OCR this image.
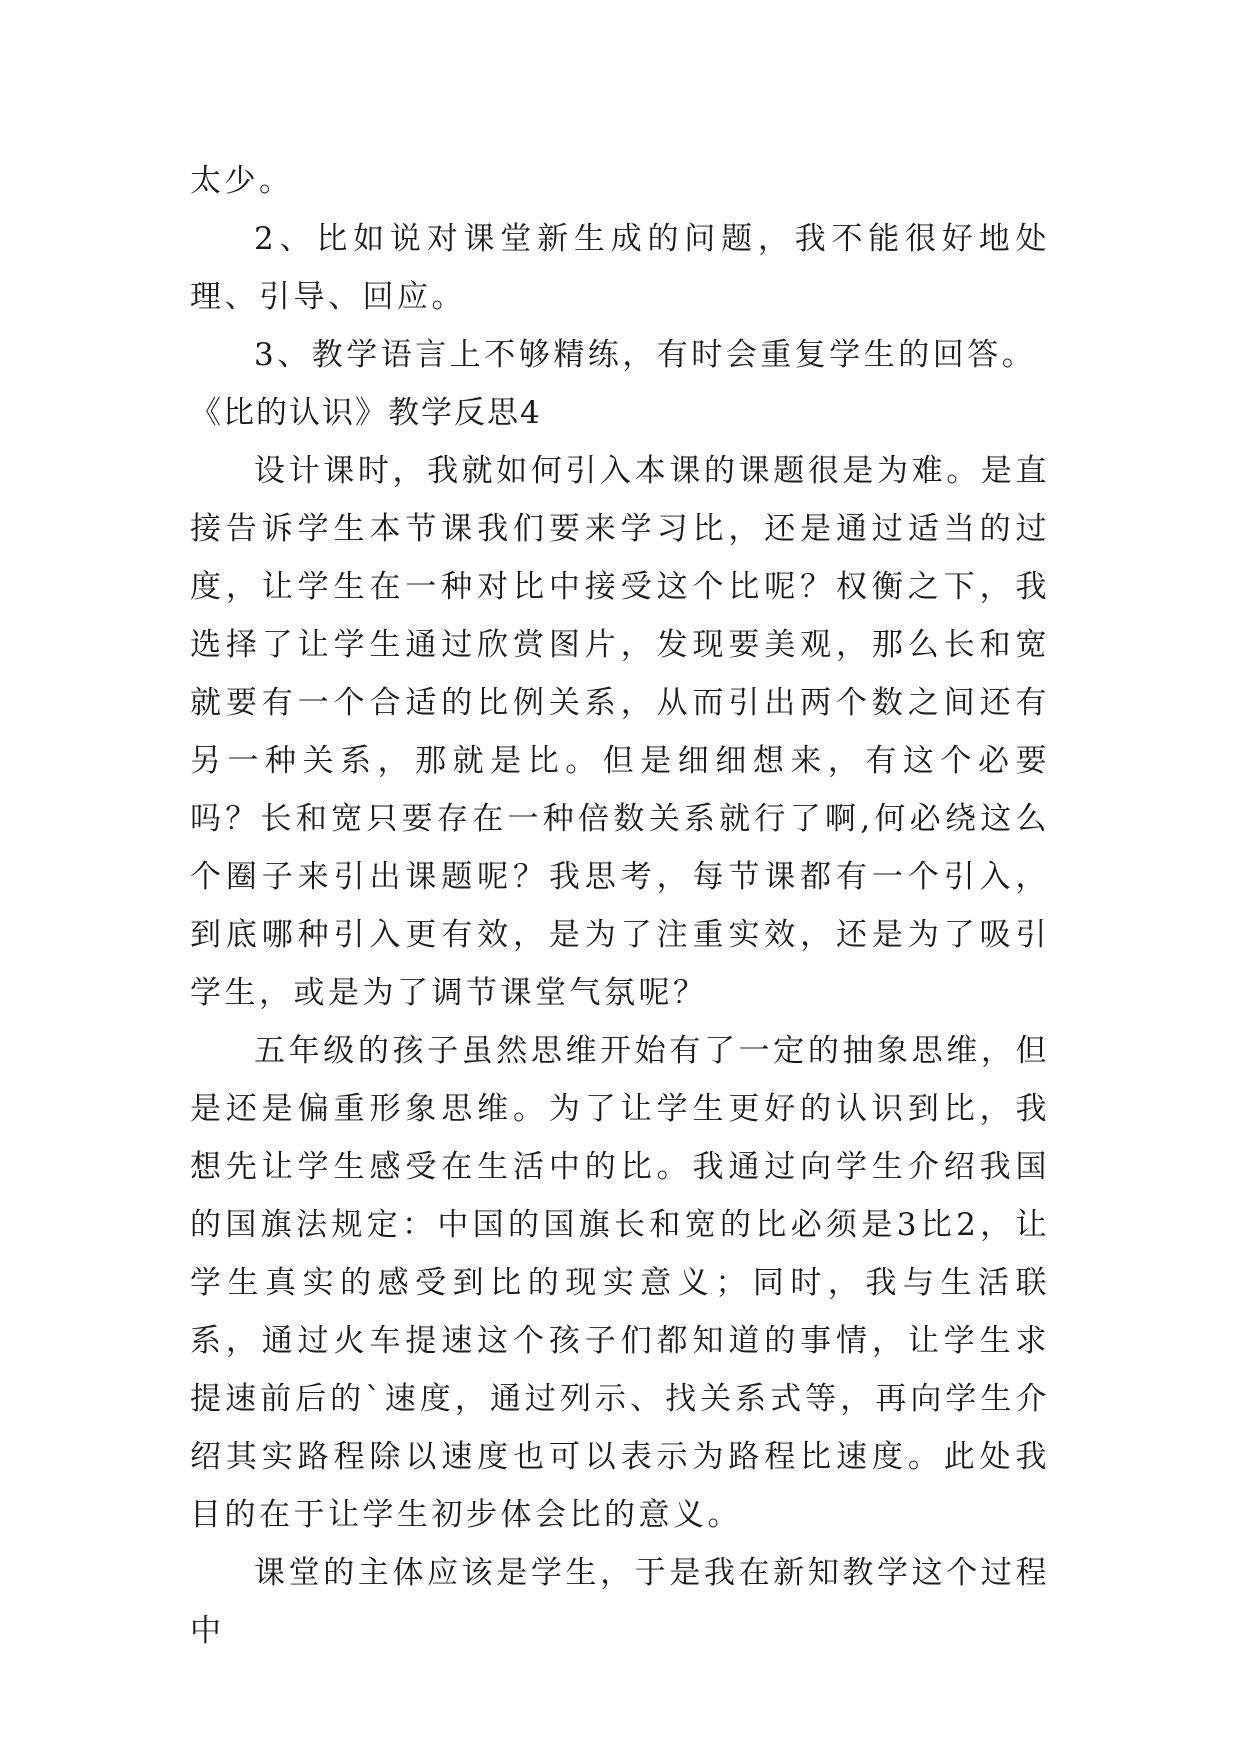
太少。

2、比如说对课堂新生成的问题，我不能很好地处理、引导、回应。

3、教学语言上不够精练，有时会重复学生的回答。

《比的认识》教学反思4

设计课时，我就如何引入本课的课题很是为难。是直接告诉学生本节课我们要来学习比，还是通过适当的过度，让学生在一种对比中接受这个比呢？权衡之下，我选择了让学生通过欣赏图片，发现要美观，那么长和宽就要有一个合适的比例关系，从而引出两个数之间还有另一种关系，那就是比。但是细细想来，有这个必要吗？长和宽只要存在一种倍数关系就行了啊,何必绕这么个圈子来引出课题呢？我思考，每节课都有一个引入，到底哪种引入更有效，是为了注重实效，还是为了吸引学生，或是为了调节课堂气氛呢？

五年级的孩子虽然思维开始有了一定的抽象思维，但是还是偏重形象思维。为了让学生更好的认识到比，我想先让学生感受在生活中的比。我通过向学生介绍我国的国旗法规定：中国的国旗长和宽的比必须是3比2，让学生真实的感受到比的现实意义；同时，我与生活联系，通过火车提速这个孩子们都知道的事情，让学生求提速前后的`速度，通过列示、找关系式等，再向学生介绍其实路程除以速度也可以表示为路程比速度。此处我目的在于让学生初步体会比的意义。

课堂的主体应该是学生，于是我在新知教学这个过程中
